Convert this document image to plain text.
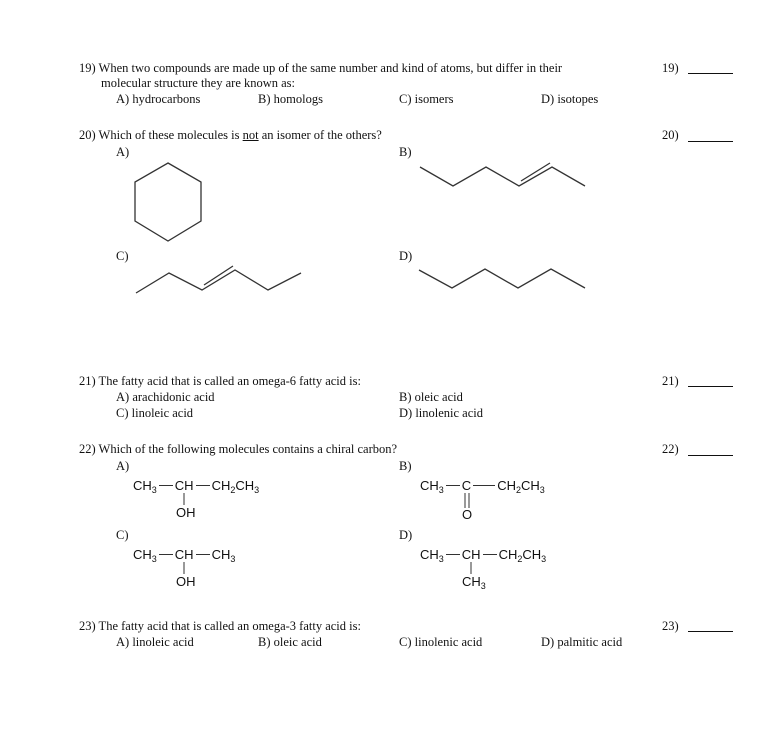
19) When two compounds are made up of the same number and kind of atoms, but differ in their
molecular structure they are known as:
A) hydrocarbons	B) homologs	C) isomers	D) isotopes
19)
20) Which of these molecules is not an isomer of the others?	20)
A)	B)
C)	D)
21) The fatty acid that is called an omega-6 fatty acid is:	21)
A) arachidonic acid	B) oleic acid
C) linoleic acid	D) linolenic acid
22) Which of the following molecules contains a chiral carbon?	22)
A)	B)
C)	D)
$CH_3$ CH $CH_2CH_3$
OH
$CH_3$ C $CH_2CH_3$
O
$CH_3$ CH $CH_3$
OH
$CH_3$ CH $CH_2CH_3$
$CH_3$
23) The fatty acid that is called an omega-3 fatty acid is:	23)
A) linoleic acid	B) oleic acid	C) linolenic acid	D) palmitic acid
